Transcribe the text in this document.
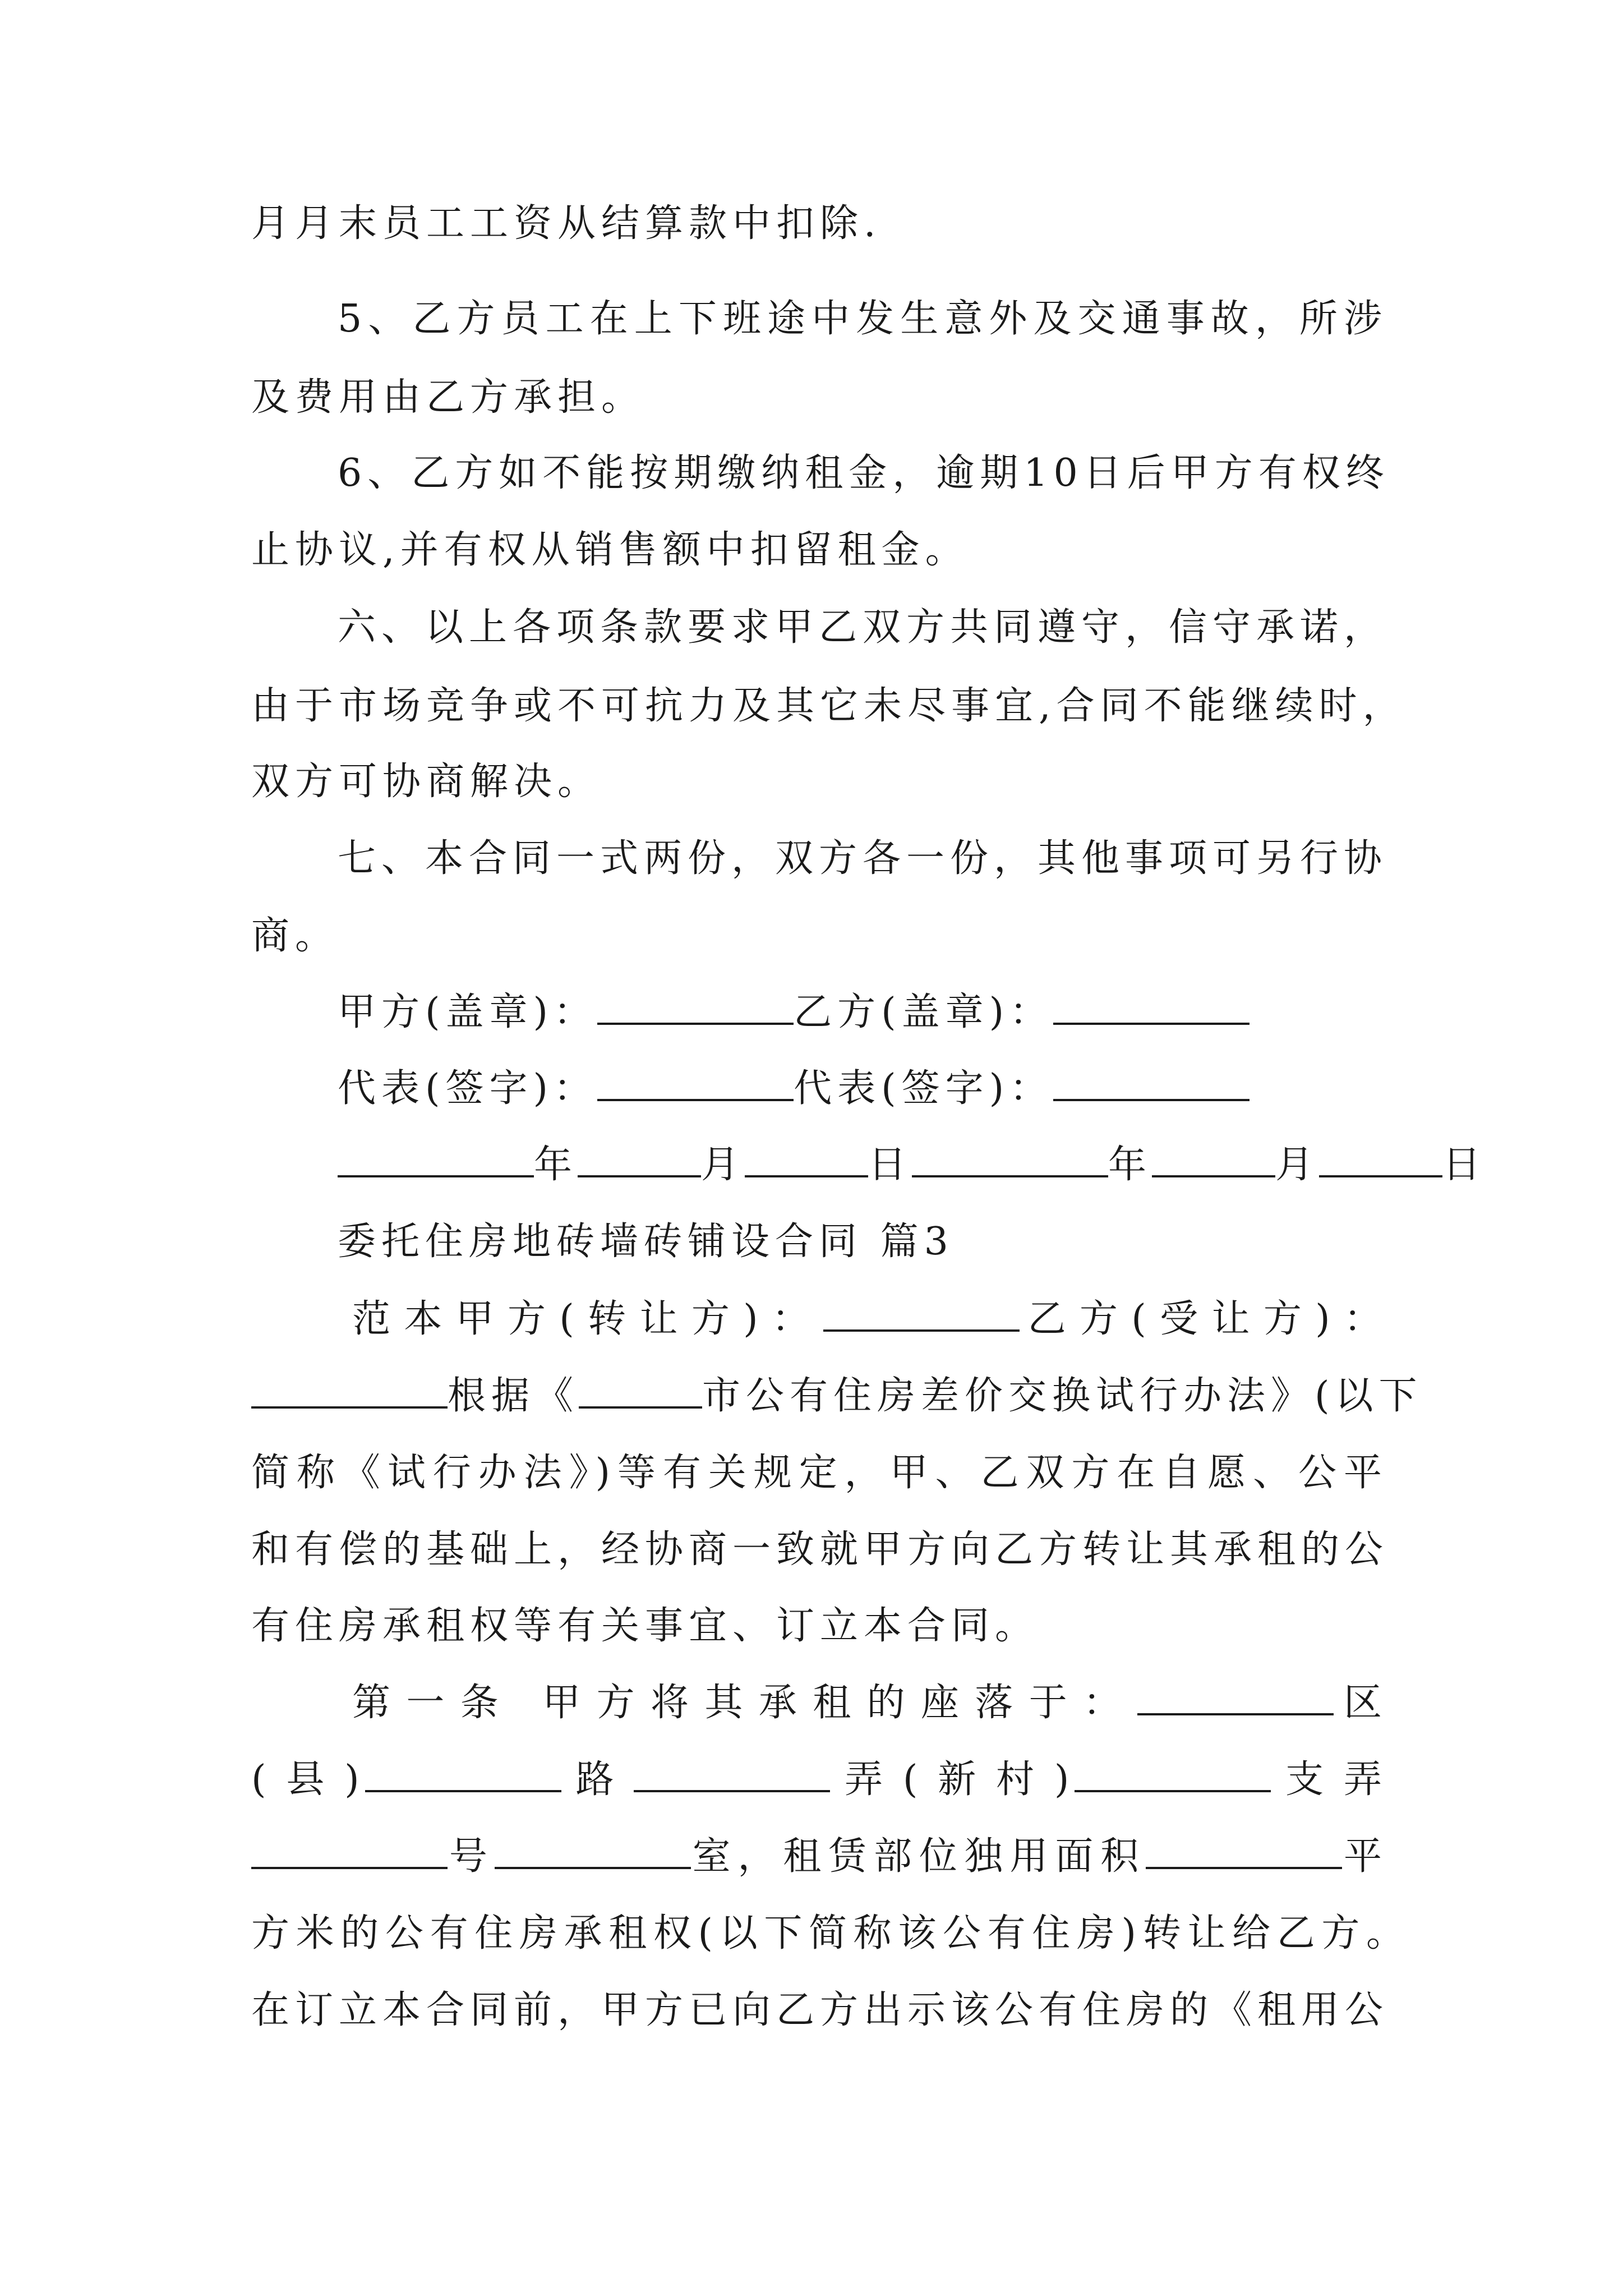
月月末员工工资从结算款中扣除.
5、乙方员工在上下班途中发生意外及交通事故，所涉
及费用由乙方承担。
6、乙方如不能按期缴纳租金，逾期10日后甲方有权终
止协议,并有权从销售额中扣留租金。
六、以上各项条款要求甲乙双方共同遵守，信守承诺，
由于市场竞争或不可抗力及其它未尽事宜,合同不能继续时，
双方可协商解决。
七、本合同一式两份，双方各一份，其他事项可另行协
商。
甲方(盖章)：	乙方(盖章)：
代表(签字)：	代表(签字)：
年	月	日	年	月	日
委托住房地砖墙砖铺设合同 篇3
范本甲方(转让方)：	乙方(受让方)：
根据《	市公有住房差价交换试行办法》(以下
简称《试行办法》)等有关规定，甲、乙双方在自愿、公平
和有偿的基础上，经协商一致就甲方向乙方转让其承租的公
有住房承租权等有关事宜、订立本合同。
第一条 甲方将其承租的座落于：	区
(县)	路	弄(新村)	支弄
号	室，租赁部位独用面积	平
方米的公有住房承租权(以下简称该公有住房)转让给乙方。
在订立本合同前，甲方已向乙方出示该公有住房的《租用公
